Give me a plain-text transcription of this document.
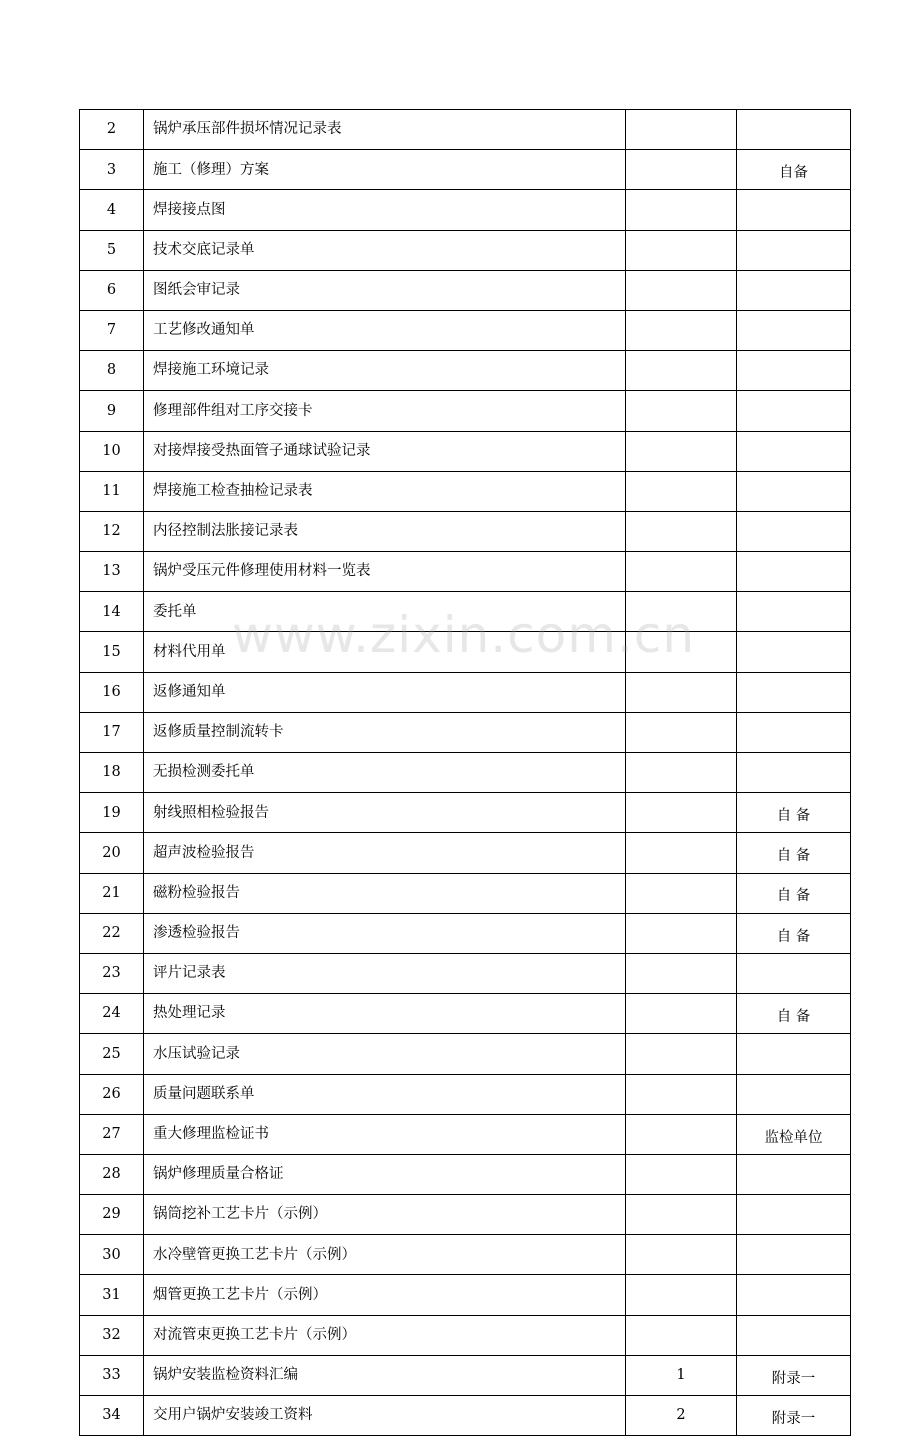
2	锅炉承压部件损坏情况记录表		
3	施工（修理）方案		自备
4	焊接接点图		
5	技术交底记录单		
6	图纸会审记录		
7	工艺修改通知单		
8	焊接施工环境记录		
9	修理部件组对工序交接卡		
10	对接焊接受热面管子通球试验记录		
11	焊接施工检查抽检记录表		
12	内径控制法胀接记录表		
13	锅炉受压元件修理使用材料一览表		
14	委托单		
15	材料代用单		
16	返修通知单		
17	返修质量控制流转卡		
18	无损检测委托单		
19	射线照相检验报告		自 备
20	超声波检验报告		自 备
21	磁粉检验报告		自 备
22	渗透检验报告		自 备
23	评片记录表		
24	热处理记录		自 备
25	水压试验记录		
26	质量问题联系单		
27	重大修理监检证书		监检单位
28	锅炉修理质量合格证		
29	锅筒挖补工艺卡片（示例）		
30	水冷壁管更换工艺卡片（示例）		
31	烟管更换工艺卡片（示例）		
32	对流管束更换工艺卡片（示例）		
33	锅炉安装监检资料汇编	1	附录一
34	交用户锅炉安装竣工资料	2	附录一
www.zixin.com.cn
